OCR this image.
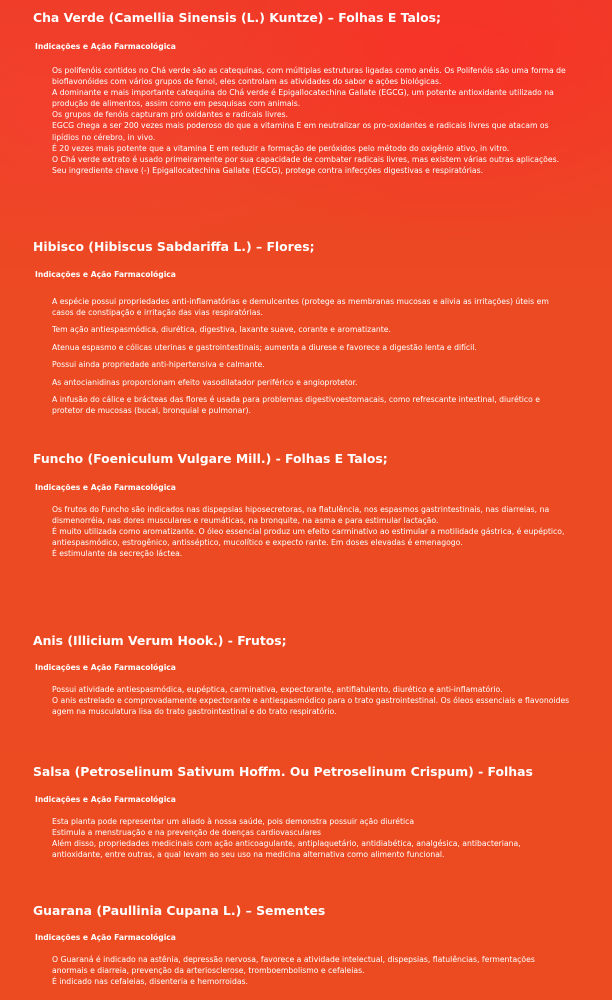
Cha Verde (Camellia Sinensis (L.) Kuntze) – Folhas E Talos;
Indicações e Ação Farmacológica

Os polifenóis contidos no Chá verde são as catequinas, com múltiplas estruturas ligadas como anéis. Os Polifenóis são uma forma de bioflavonóides com vários grupos de fenol, eles controlam as atividades do sabor e ações biológicas.

A dominante e mais importante catequina do Chá verde é Epigallocatechina Gallate (EGCG), um potente antioxidante utilizado na produção de alimentos, assim como em pesquisas com animais.

Os grupos de fenóis capturam pró oxidantes e radicais livres.

EGCG chega a ser 200 vezes mais poderoso do que a vitamina E em neutralizar os pro-oxidantes e radicais livres que atacam os lipídios no cérebro, in vivo.

É 20 vezes mais potente que a vitamina E em reduzir a formação de peróxidos pelo método do oxigênio ativo, in vitro.

O Chá verde extrato é usado primeiramente por sua capacidade de combater radicais livres, mas existem várias outras aplicações. Seu ingrediente chave (-) Epigallocatechina Gallate (EGCG), protege contra infecções digestivas e respiratórias.

Hibisco (Hibiscus Sabdariffa L.) – Flores;
Indicações e Ação Farmacológica

A espécie possui propriedades anti-inflamatórias e demulcentes (protege as membranas mucosas e alivia as irritações) úteis em casos de constipação e irritação das vias respiratórias.

Tem ação antiespasmódica, diurética, digestiva, laxante suave, corante e aromatizante.

Atenua espasmo e cólicas uterinas e gastrointestinais; aumenta a diurese e favorece a digestão lenta e difícil.

Possui ainda propriedade anti-hipertensiva e calmante.

As antocianidinas proporcionam efeito vasodilatador periférico e angioprotetor.

A infusão do cálice e brácteas das flores é usada para problemas digestivoestomacais, como refrescante intestinal, diurético e protetor de mucosas (bucal, bronquial e pulmonar).

Funcho (Foeniculum Vulgare Mill.) - Folhas E Talos;
Indicações e Ação Farmacológica

Os frutos do Funcho são indicados nas dispepsias hiposecretoras, na flatulência, nos espasmos gastrintestinais, nas diarreias, na dismenorréia, nas dores musculares e reumáticas, na bronquite, na asma e para estimular lactação.

É muito utilizada como aromatizante. O óleo essencial produz um efeito carminativo ao estimular a motilidade gástrica, é eupéptico, antiespasmódico, estrogênico, antisséptico, mucolítico e expecto rante. Em doses elevadas é emenagogo.

É estimulante da secreção láctea.

Anis (Illicium Verum Hook.) - Frutos;
Indicações e Ação Farmacológica

Possui atividade antiespasmódica, eupéptica, carminativa, expectorante, antiflatulento, diurético e anti-inflamatório.

O anis estrelado e comprovadamente expectorante e antiespasmódico para o trato gastrointestinal. Os óleos essenciais e flavonoides agem na musculatura lisa do trato gastrointestinal e do trato respiratório.

Salsa (Petroselinum Sativum Hoffm. Ou Petroselinum Crispum) - Folhas
Indicações e Ação Farmacológica

Esta planta pode representar um aliado à nossa saúde, pois demonstra possuir ação diurética

Estimula a menstruação e na prevenção de doenças cardiovasculares

Além disso, propriedades medicinais com ação anticoagulante, antiplaquetário, antidiabética, analgésica, antibacteriana, antioxidante, entre outras, a qual levam ao seu uso na medicina alternativa como alimento funcional.

Guarana (Paullinia Cupana L.) – Sementes
Indicações e Ação Farmacológica

O Guaraná é indicado na astênia, depressão nervosa, favorece a atividade intelectual, dispepsias, flatulências, fermentações anormais e diarreia, prevenção da arteriosclerose, tromboembolismo e cefaleias.

É indicado nas cefaleias, disenteria e hemorroidas.
